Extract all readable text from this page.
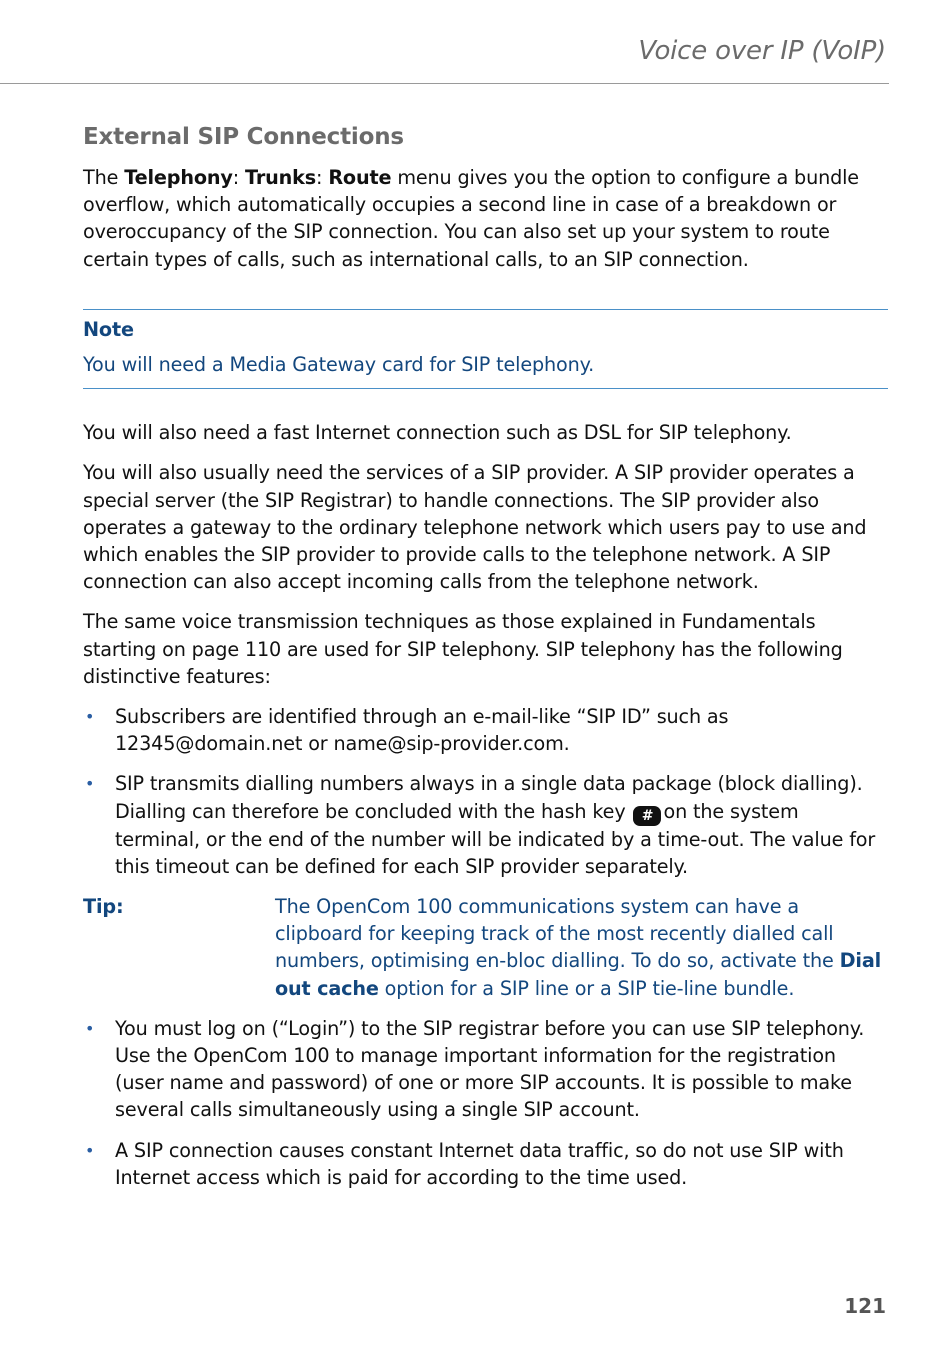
Voice over IP (VoIP)
External SIP Connections

The Telephony: Trunks: Route menu gives you the option to configure a bundle overflow, which automatically occupies a second line in case of a breakdown or overoccupancy of the SIP connection. You can also set up your system to route certain types of calls, such as international calls, to an SIP connection.

Note
You will need a Media Gateway card for SIP telephony.

You will also need a fast Internet connection such as DSL for SIP telephony.

You will also usually need the services of a SIP provider. A SIP provider operates a special server (the SIP Registrar) to handle connections. The SIP provider also operates a gateway to the ordinary telephone network which users pay to use and which enables the SIP provider to provide calls to the telephone network. A SIP connection can also accept incoming calls from the telephone network.

The same voice transmission techniques as those explained in Fundamentals starting on page 110 are used for SIP telephony. SIP telephony has the following distinctive features:

• Subscribers are identified through an e-mail-like “SIP ID” such as 12345@domain.net or name@sip-provider.com.
• SIP transmits dialling numbers always in a single data package (block dialling). Dialling can therefore be concluded with the hash key # on the system terminal, or the end of the number will be indicated by a time-out. The value for this timeout can be defined for each SIP provider separately.
Tip:	The OpenCom 100 communications system can have a clipboard for keeping track of the most recently dialled call numbers, optimising en-bloc dialling. To do so, activate the Dial out cache option for a SIP line or a SIP tie-line bundle.
• You must log on (“Login”) to the SIP registrar before you can use SIP telephony. Use the OpenCom 100 to manage important information for the registration (user name and password) of one or more SIP accounts. It is possible to make several calls simultaneously using a single SIP account.
• A SIP connection causes constant Internet data traffic, so do not use SIP with Internet access which is paid for according to the time used.
121
